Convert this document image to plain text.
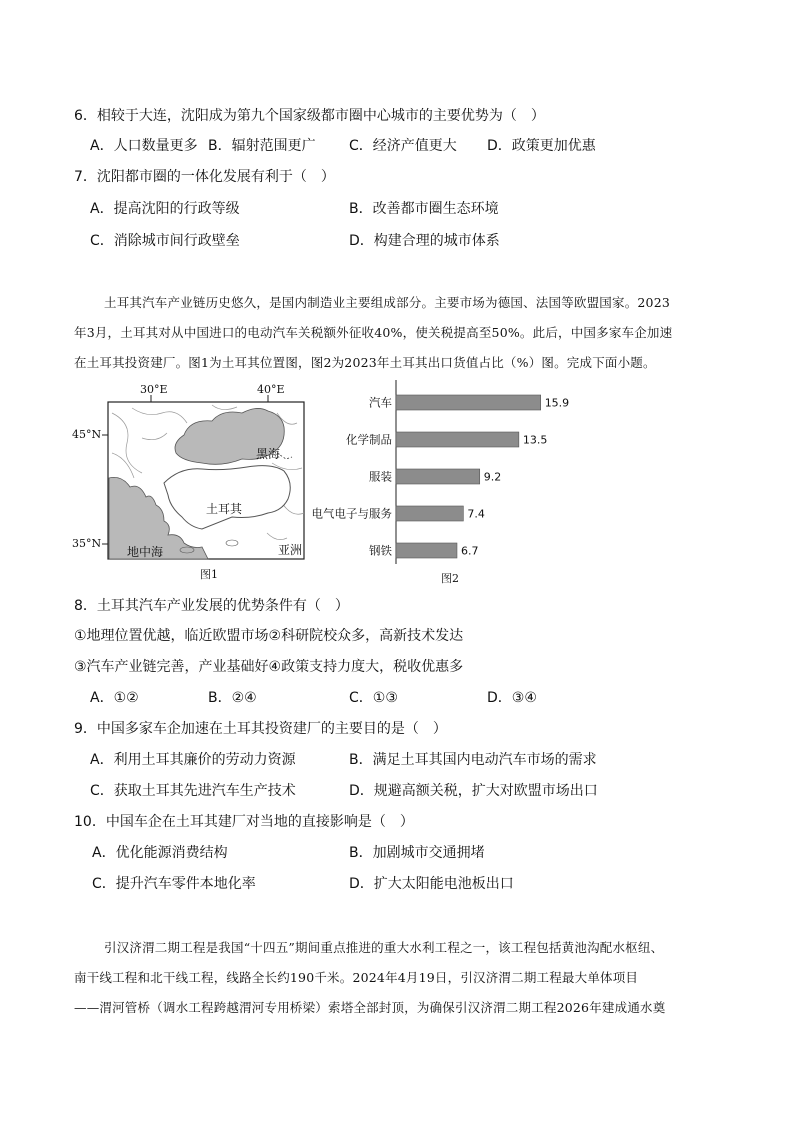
6．相较于大连，沈阳成为第九个国家级都市圈中心城市的主要优势为（　）
A．人口数量更多 B．辐射范围更广 C．经济产值更大 D．政策更加优惠
7．沈阳都市圈的一体化发展有利于（　）
A．提高沈阳的行政等级	B．改善都市圈生态环境
C．消除城市间行政壁垒	D．构建合理的城市体系
土耳其汽车产业链历史悠久，是国内制造业主要组成部分。主要市场为德国、法国等欧盟国家。2023
年3月，土耳其对从中国进口的电动汽车关税额外征收40%，使关税提高至50%。此后，中国多家车企加速
在土耳其投资建厂。图1为土耳其位置图，图2为2023年土耳其出口货值占比（%）图。完成下面小题。
30°E	40°E
45°N
35°N
黑海
土耳其
地中海	亚洲
图1
汽车	15.9
化学制品	13.5
服装	9.2
电气电子与服务	7.4
钢铁	6.7
图2
8．土耳其汽车产业发展的优势条件有（　）
①地理位置优越，临近欧盟市场②科研院校众多，高新技术发达
③汽车产业链完善，产业基础好④政策支持力度大，税收优惠多
A．①②	B．②④	C．①③	D．③④
9．中国多家车企加速在土耳其投资建厂的主要目的是（　）
A．利用土耳其廉价的劳动力资源	B．满足土耳其国内电动汽车市场的需求
C．获取土耳其先进汽车生产技术	D．规避高额关税，扩大对欧盟市场出口
10．中国车企在土耳其建厂对当地的直接影响是（　）
A．优化能源消费结构	B．加剧城市交通拥堵
C．提升汽车零件本地化率	D．扩大太阳能电池板出口
引汉济渭二期工程是我国“十四五”期间重点推进的重大水利工程之一，该工程包括黄池沟配水枢纽、
南干线工程和北干线工程，线路全长约190千米。2024年4月19日，引汉济渭二期工程最大单体项目
——渭河管桥（调水工程跨越渭河专用桥梁）索塔全部封顶，为确保引汉济渭二期工程2026年建成通水奠
